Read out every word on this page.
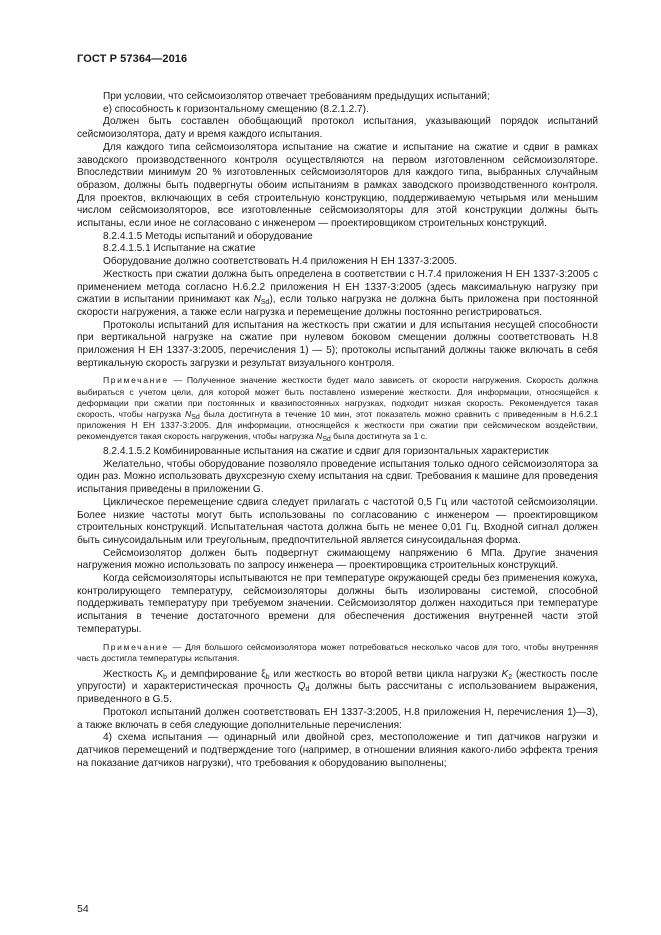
ГОСТ Р 57364—2016

При условии, что сейсмоизолятор отвечает требованиям предыдущих испытаний;

е) способность к горизонтальному смещению (8.2.1.2.7).

Должен быть составлен обобщающий протокол испытания, указывающий порядок испытаний сейсмоизолятора, дату и время каждого испытания.

Для каждого типа сейсмоизолятора испытание на сжатие и испытание на сжатие и сдвиг в рамках заводского производственного контроля осуществляются на первом изготовленном сейсмоизоляторе. Впоследствии минимум 20 % изготовленных сейсмоизоляторов для каждого типа, выбранных случайным образом, должны быть подвергнуты обоим испытаниям в рамках заводского производственного контроля. Для проектов, включающих в себя строительную конструкцию, поддерживаемую четырьмя или меньшим числом сейсмоизоляторов, все изготовленные сейсмоизоляторы для этой конструкции должны быть испытаны, если иное не согласовано с инженером — проектировщиком строительных конструкций.

8.2.4.1.5 Методы испытаний и оборудование

8.2.4.1.5.1 Испытание на сжатие

Оборудование должно соответствовать Н.4 приложения Н ЕН 1337-3:2005.

Жесткость при сжатии должна быть определена в соответствии с Н.7.4 приложения Н ЕН 1337-3:2005 с применением метода согласно Н.6.2.2 приложения Н ЕН 1337-3:2005 (здесь максимальную нагрузку при сжатии в испытании принимают как $N_{Sd}$), если только нагрузка не должна быть приложена при постоянной скорости нагружения, а также если нагрузка и перемещение должны постоянно регистрироваться.

Протоколы испытаний для испытания на жесткость при сжатии и для испытания несущей способности при вертикальной нагрузке на сжатие при нулевом боковом смещении должны соответствовать Н.8 приложения Н ЕН 1337-3:2005, перечисления 1) — 5); протоколы испытаний должны также включать в себя вертикальную скорость загрузки и результат визуального контроля.

Примечание — Полученное значение жесткости будет мало зависеть от скорости нагружения. Скорость должна выбираться с учетом цели, для которой может быть поставлено измерение жесткости. Для информации, относящейся к деформации при сжатии при постоянных и квазипостоянных нагрузках, подходит низкая скорость. Рекомендуется такая скорость, чтобы нагрузка $N_{Sd}$ была достигнута в течение 10 мин, этот показатель можно сравнить с приведенным в Н.6.2.1 приложения Н ЕН 1337-3:2005. Для информации, относящейся к жесткости при сжатии при сейсмическом воздействии, рекомендуется такая скорость нагружения, чтобы нагрузка $N_{Sd}$ была достигнута за 1 с.

8.2.4.1.5.2 Комбинированные испытания на сжатие и сдвиг для горизонтальных характеристик

Желательно, чтобы оборудование позволяло проведение испытания только одного сейсмоизолятора за один раз. Можно использовать двухсрезную схему испытания на сдвиг. Требования к машине для проведения испытания приведены в приложении G.

Циклическое перемещение сдвига следует прилагать с частотой 0,5 Гц или частотой сейсмоизоляции. Более низкие частоты могут быть использованы по согласованию с инженером — проектировщиком строительных конструкций. Испытательная частота должна быть не менее 0,01 Гц. Входной сигнал должен быть синусоидальным или треугольным, предпочтительной является синусоидальная форма.

Сейсмоизолятор должен быть подвергнут сжимающему напряжению 6 МПа. Другие значения нагружения можно использовать по запросу инженера — проектировщика строительных конструкций.

Когда сейсмоизоляторы испытываются не при температуре окружающей среды без применения кожуха, контролирующего температуру, сейсмоизоляторы должны быть изолированы системой, способной поддерживать температуру при требуемом значении. Сейсмоизолятор должен находиться при температуре испытания в течение достаточного времени для обеспечения достижения внутренней части этой температуры.

Примечание — Для большого сейсмоизолятора может потребоваться несколько часов для того, чтобы внутренняя часть достигла температуры испытания.

Жесткость $K_b$ и демпфирование $\xi_b$ или жесткость во второй ветви цикла нагрузки $K_2$ (жесткость после упругости) и характеристическая прочность $Q_d$ должны быть рассчитаны с использованием выражения, приведенного в G.5.

Протокол испытаний должен соответствовать ЕН 1337-3:2005, Н.8 приложения Н, перечисления 1)—3), а также включать в себя следующие дополнительные перечисления:

4) схема испытания — одинарный или двойной срез, местоположение и тип датчиков нагрузки и датчиков перемещений и подтверждение того (например, в отношении влияния какого-либо эффекта трения на показание датчиков нагрузки), что требования к оборудованию выполнены;

54
